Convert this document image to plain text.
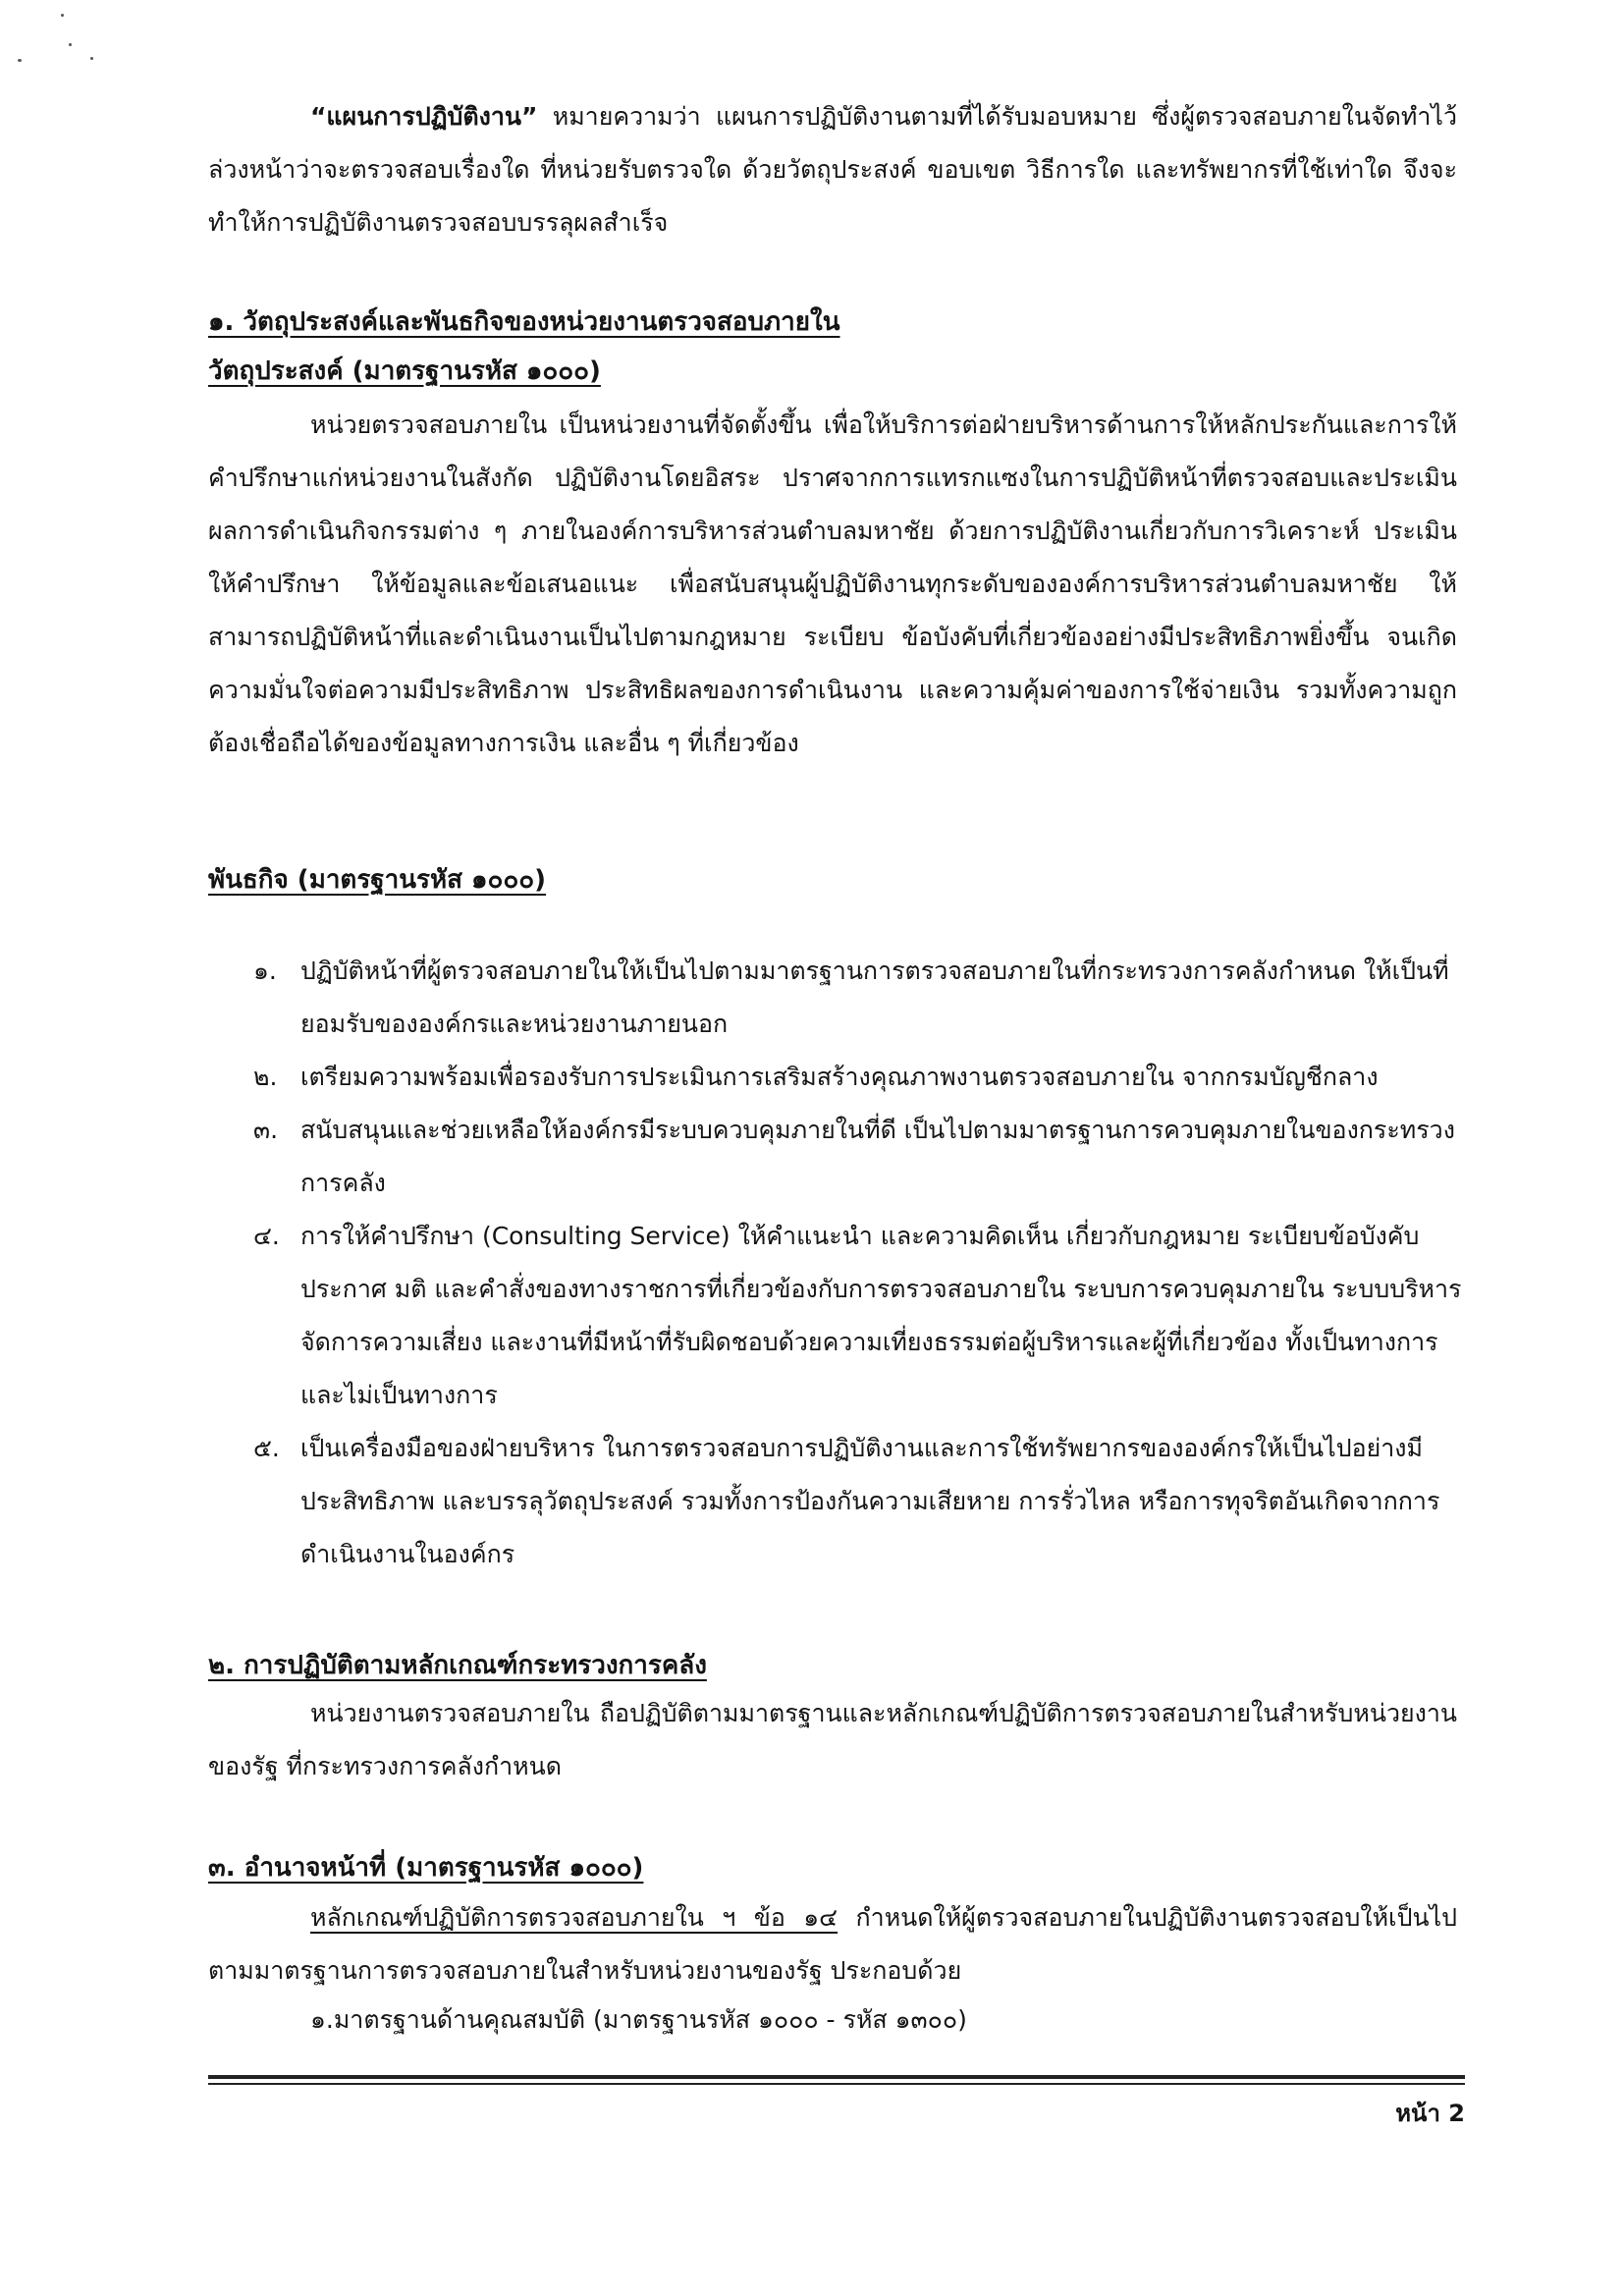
“แผนการปฏิบัติงาน” หมายความว่า แผนการปฏิบัติงานตามที่ได้รับมอบหมาย ซึ่งผู้ตรวจสอบภายในจัดทำไว้ล่วงหน้าว่าจะตรวจสอบเรื่องใด ที่หน่วยรับตรวจใด ด้วยวัตถุประสงค์ ขอบเขต วิธีการใด และทรัพยากรที่ใช้เท่าใด จึงจะทำให้การปฏิบัติงานตรวจสอบบรรลุผลสำเร็จ
๑. วัตถุประสงค์และพันธกิจของหน่วยงานตรวจสอบภายใน
วัตถุประสงค์ (มาตรฐานรหัส ๑๐๐๐)
หน่วยตรวจสอบภายใน เป็นหน่วยงานที่จัดตั้งขึ้น เพื่อให้บริการต่อฝ่ายบริหารด้านการให้หลักประกันและการให้คำปรึกษาแก่หน่วยงานในสังกัด ปฏิบัติงานโดยอิสระ ปราศจากการแทรกแซงในการปฏิบัติหน้าที่ตรวจสอบและประเมินผลการดำเนินกิจกรรมต่าง ๆ ภายในองค์การบริหารส่วนตำบลมหาชัย ด้วยการปฏิบัติงานเกี่ยวกับการวิเคราะห์ ประเมิน ให้คำปรึกษา ให้ข้อมูลและข้อเสนอแนะ เพื่อสนับสนุนผู้ปฏิบัติงานทุกระดับขององค์การบริหารส่วนตำบลมหาชัย ให้สามารถปฏิบัติหน้าที่และดำเนินงานเป็นไปตามกฎหมาย ระเบียบ ข้อบังคับที่เกี่ยวข้องอย่างมีประสิทธิภาพยิ่งขึ้น จนเกิดความมั่นใจต่อความมีประสิทธิภาพ ประสิทธิผลของการดำเนินงาน และความคุ้มค่าของการใช้จ่ายเงิน รวมทั้งความถูกต้องเชื่อถือได้ของข้อมูลทางการเงิน และอื่น ๆ ที่เกี่ยวข้อง
พันธกิจ (มาตรฐานรหัส ๑๐๐๐)
๑. ปฏิบัติหน้าที่ผู้ตรวจสอบภายในให้เป็นไปตามมาตรฐานการตรวจสอบภายในที่กระทรวงการคลังกำหนด ให้เป็นที่ยอมรับขององค์กรและหน่วยงานภายนอก
๒. เตรียมความพร้อมเพื่อรองรับการประเมินการเสริมสร้างคุณภาพงานตรวจสอบภายใน จากกรมบัญชีกลาง
๓. สนับสนุนและช่วยเหลือให้องค์กรมีระบบควบคุมภายในที่ดี เป็นไปตามมาตรฐานการควบคุมภายในของกระทรวงการคลัง
๔. การให้คำปรึกษา (Consulting Service) ให้คำแนะนำ และความคิดเห็น เกี่ยวกับกฎหมาย ระเบียบข้อบังคับ ประกาศ มติ และคำสั่งของทางราชการที่เกี่ยวข้องกับการตรวจสอบภายใน ระบบการควบคุมภายใน ระบบบริหารจัดการความเสี่ยง และงานที่มีหน้าที่รับผิดชอบด้วยความเที่ยงธรรมต่อผู้บริหารและผู้ที่เกี่ยวข้อง ทั้งเป็นทางการและไม่เป็นทางการ
๕. เป็นเครื่องมือของฝ่ายบริหาร ในการตรวจสอบการปฏิบัติงานและการใช้ทรัพยากรขององค์กรให้เป็นไปอย่างมีประสิทธิภาพ และบรรลุวัตถุประสงค์ รวมทั้งการป้องกันความเสียหาย การรั่วไหล หรือการทุจริตอันเกิดจากการดำเนินงานในองค์กร
๒. การปฏิบัติตามหลักเกณฑ์กระทรวงการคลัง
หน่วยงานตรวจสอบภายใน ถือปฏิบัติตามมาตรฐานและหลักเกณฑ์ปฏิบัติการตรวจสอบภายในสำหรับหน่วยงานของรัฐ ที่กระทรวงการคลังกำหนด
๓. อำนาจหน้าที่ (มาตรฐานรหัส ๑๐๐๐)
หลักเกณฑ์ปฏิบัติการตรวจสอบภายใน ฯ ข้อ ๑๔ กำหนดให้ผู้ตรวจสอบภายในปฏิบัติงานตรวจสอบให้เป็นไปตามมาตรฐานการตรวจสอบภายในสำหรับหน่วยงานของรัฐ ประกอบด้วย
๑.มาตรฐานด้านคุณสมบัติ (มาตรฐานรหัส ๑๐๐๐ - รหัส ๑๓๐๐)
หน้า 2
